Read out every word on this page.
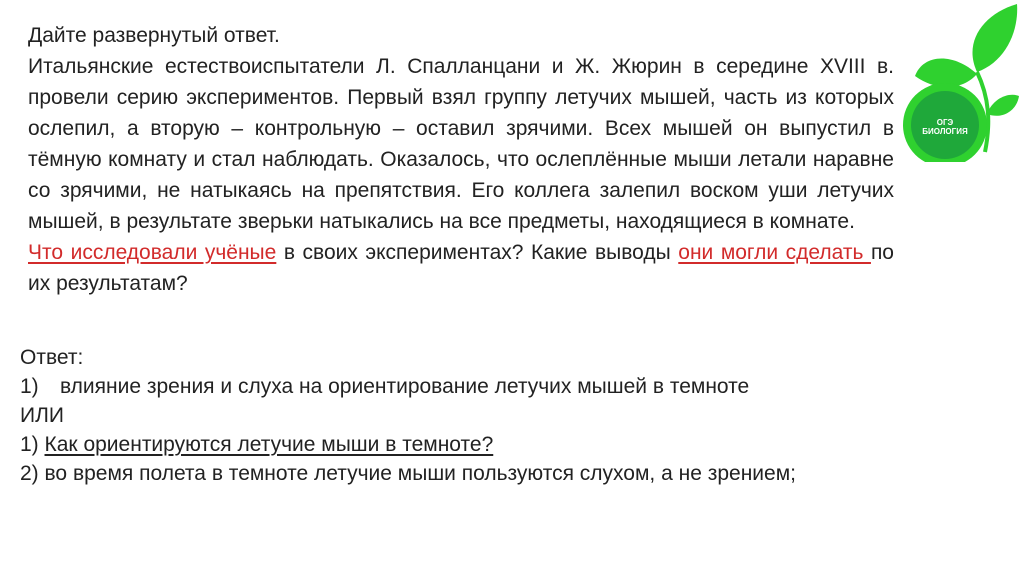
Дайте развернутый ответ.

Итальянские естествоиспытатели Л. Спалланцани и Ж. Жюрин в середине XVIII в. провели серию экспериментов. Первый взял группу летучих мышей, часть из которых ослепил, а вторую – контрольную – оставил зрячими. Всех мышей он выпустил в тёмную комнату и стал наблюдать. Оказалось, что ослеплённые мыши летали наравне со зрячими, не натыкаясь на препятствия. Его коллега залепил воском уши летучих мышей, в результате зверьки натыкались на все предметы, находящиеся в комнате.

Что исследовали учёные в своих экспериментах? Какие выводы они могли сделать по их результатам?

Ответ:

1) влияние зрения и слуха на ориентирование летучих мышей в темноте

ИЛИ

1) Как ориентируются летучие мыши в темноте?

2) во время полета в темноте летучие мыши пользуются слухом, а не зрением;

ОГЭ
БИОЛОГИЯ
